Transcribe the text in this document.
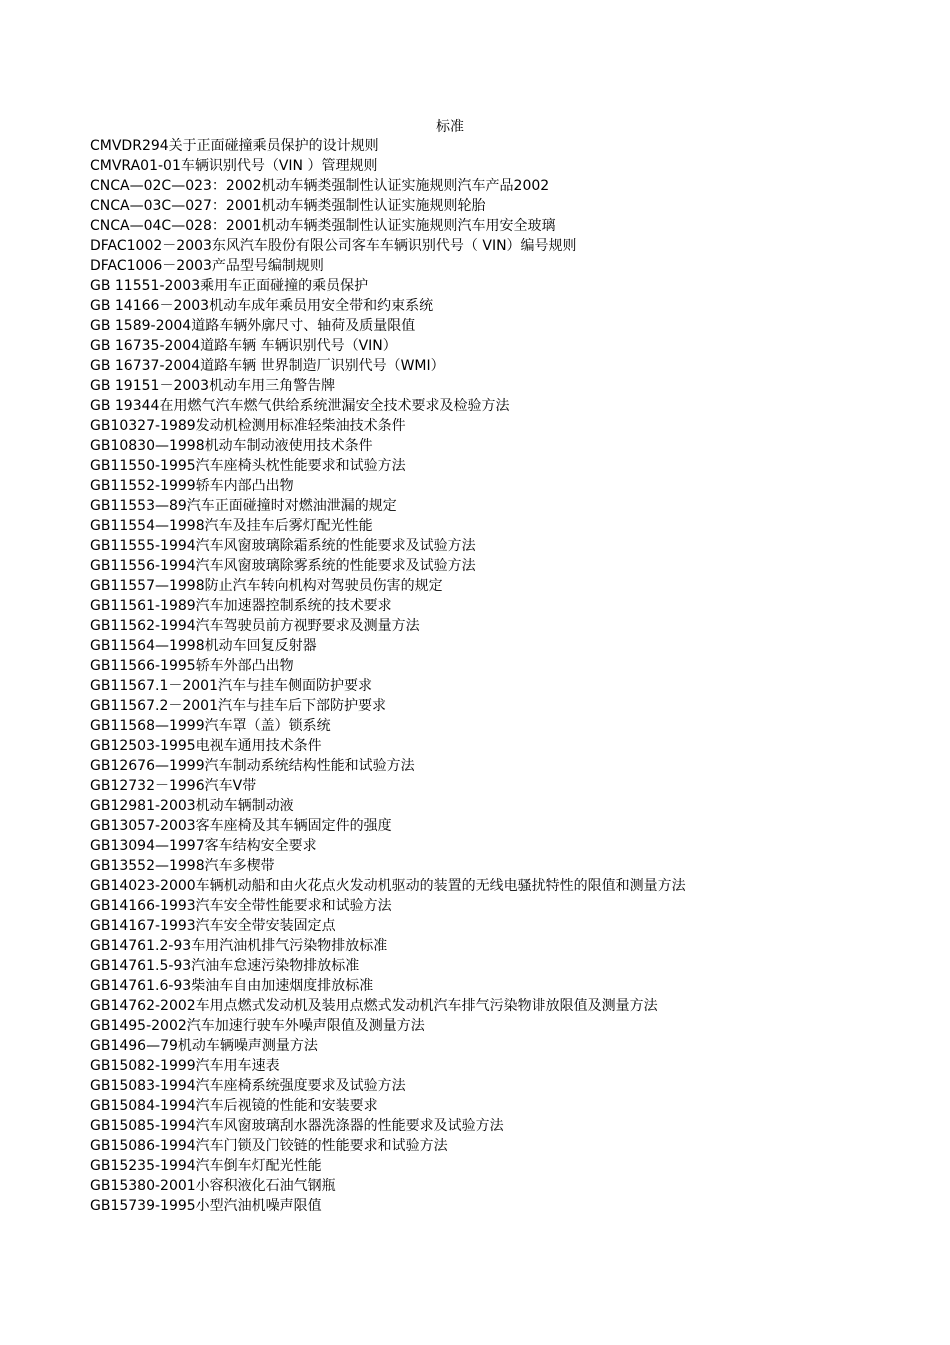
标准
CMVDR294关于正面碰撞乘员保护的设计规则
CMVRA01-01车辆识别代号（VIN ）管理规则
CNCA—02C—023：2002机动车辆类强制性认证实施规则汽车产品2002
CNCA—03C—027：2001机动车辆类强制性认证实施规则轮胎
CNCA—04C—028：2001机动车辆类强制性认证实施规则汽车用安全玻璃
DFAC1002－2003东风汽车股份有限公司客车车辆识别代号（ VIN）编号规则
DFAC1006－2003产品型号编制规则
GB 11551-2003乘用车正面碰撞的乘员保护
GB 14166－2003机动车成年乘员用安全带和约束系统
GB 1589-2004道路车辆外廓尺寸、轴荷及质量限值
GB 16735-2004道路车辆 车辆识别代号（VIN）
GB 16737-2004道路车辆 世界制造厂识别代号（WMI）
GB 19151－2003机动车用三角警告牌
GB 19344在用燃气汽车燃气供给系统泄漏安全技术要求及检验方法
GB10327-1989发动机检测用标准轻柴油技术条件
GB10830—1998机动车制动液使用技术条件
GB11550-1995汽车座椅头枕性能要求和试验方法
GB11552-1999轿车内部凸出物
GB11553—89汽车正面碰撞时对燃油泄漏的规定
GB11554—1998汽车及挂车后雾灯配光性能
GB11555-1994汽车风窗玻璃除霜系统的性能要求及试验方法
GB11556-1994汽车风窗玻璃除雾系统的性能要求及试验方法
GB11557—1998防止汽车转向机构对驾驶员伤害的规定
GB11561-1989汽车加速器控制系统的技术要求
GB11562-1994汽车驾驶员前方视野要求及测量方法
GB11564—1998机动车回复反射器
GB11566-1995轿车外部凸出物
GB11567.1－2001汽车与挂车侧面防护要求
GB11567.2－2001汽车与挂车后下部防护要求
GB11568—1999汽车罩（盖）锁系统
GB12503-1995电视车通用技术条件
GB12676—1999汽车制动系统结构性能和试验方法
GB12732－1996汽车V带
GB12981-2003机动车辆制动液
GB13057-2003客车座椅及其车辆固定件的强度
GB13094—1997客车结构安全要求
GB13552—1998汽车多楔带
GB14023-2000车辆机动船和由火花点火发动机驱动的装置的无线电骚扰特性的限值和测量方法
GB14166-1993汽车安全带性能要求和试验方法
GB14167-1993汽车安全带安装固定点
GB14761.2-93车用汽油机排气污染物排放标准
GB14761.5-93汽油车怠速污染物排放标准
GB14761.6-93柴油车自由加速烟度排放标准
GB14762-2002车用点燃式发动机及装用点燃式发动机汽车排气污染物诽放限值及测量方法
GB1495-2002汽车加速行驶车外噪声限值及测量方法
GB1496—79机动车辆噪声测量方法
GB15082-1999汽车用车速表
GB15083-1994汽车座椅系统强度要求及试验方法
GB15084-1994汽车后视镜的性能和安装要求
GB15085-1994汽车风窗玻璃刮水器洗涤器的性能要求及试验方法
GB15086-1994汽车门锁及门铰链的性能要求和试验方法
GB15235-1994汽车倒车灯配光性能
GB15380-2001小容积液化石油气钢瓶
GB15739-1995小型汽油机噪声限值
